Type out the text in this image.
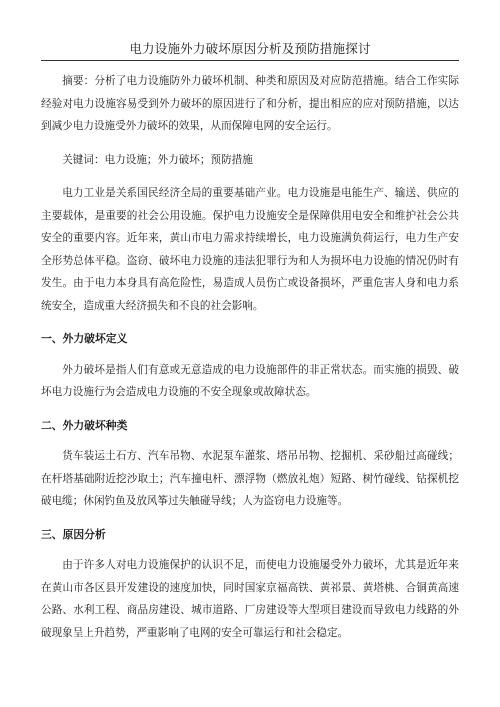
电力设施外力破坏原因分析及预防措施探讨

摘要：分析了电力设施防外力破坏机制、种类和原因及对应防范措施。结合工作实际经验对电力设施容易受到外力破坏的原因进行了和分析，提出相应的应对预防措施，以达到减少电力设施受外力破坏的效果，从而保障电网的安全运行。

关键词：电力设施；外力破坏；预防措施

电力工业是关系国民经济全局的重要基础产业。电力设施是电能生产、输送、供应的主要载体，是重要的社会公用设施。保护电力设施安全是保障供用电安全和维护社会公共安全的重要内容。近年来，黄山市电力需求持续增长，电力设施满负荷运行，电力生产安全形势总体平稳。盗窃、破坏电力设施的违法犯罪行为和人为损坏电力设施的情况仍时有发生。由于电力本身具有高危险性，易造成人员伤亡或设备损坏，严重危害人身和电力系统安全，造成重大经济损失和不良的社会影响。

一、外力破坏定义

外力破坏是指人们有意或无意造成的电力设施部件的非正常状态。而实施的损毁、破坏电力设施行为会造成电力设施的不安全现象或故障状态。

二、外力破坏种类

货车装运土石方、汽车吊物、水泥泵车灌浆、塔吊吊物、挖掘机、采砂船过高碰线；在杆塔基础附近挖沙取土；汽车撞电杆、漂浮物（燃放礼炮）短路、树竹碰线、钻探机挖破电缆；休闲钓鱼及放风筝过失触碰导线；人为盗窃电力设施等。

三、原因分析

由于许多人对电力设施保护的认识不足，而使电力设施屡受外力破坏，尤其是近年来在黄山市各区县开发建设的速度加快，同时国家京福高铁、黄祁景、黄塔桃、合铜黄高速公路、水利工程、商品房建设、城市道路、厂房建设等大型项目建设而导致电力线路的外破现象呈上升趋势，严重影响了电网的安全可靠运行和社会稳定。
